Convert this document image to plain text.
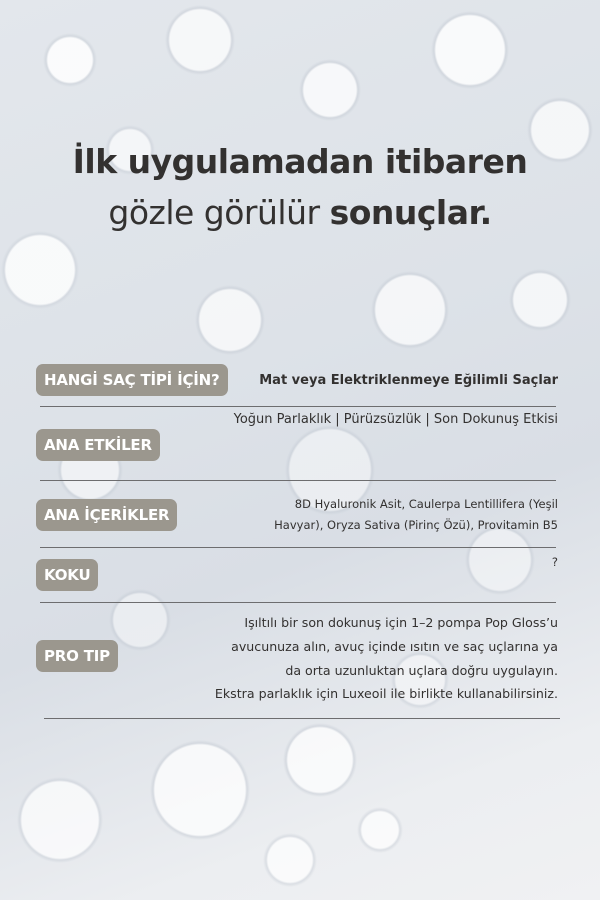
İlk uygulamadan itibaren
gözle görülür sonuçlar.
HANGİ SAÇ TİPİ İÇİN?	Mat veya Elektriklenmeye Eğilimli Saçlar
Yoğun Parlaklık | Pürüzsüzlük | Son Dokunuş Etkisi
ANA ETKİLER
ANA İÇERİKLER
8D Hyaluronik Asit, Caulerpa Lentillifera (Yeşil
Havyar), Oryza Sativa (Pirinç Özü), Provitamin B5
?
KOKU
PRO TIP
Işıltılı bir son dokunuş için 1–2 pompa Pop Gloss’u
avucunuza alın, avuç içinde ısıtın ve saç uçlarına ya
da orta uzunluktan uçlara doğru uygulayın.
Ekstra parlaklık için Luxeoil ile birlikte kullanabilirsiniz.
